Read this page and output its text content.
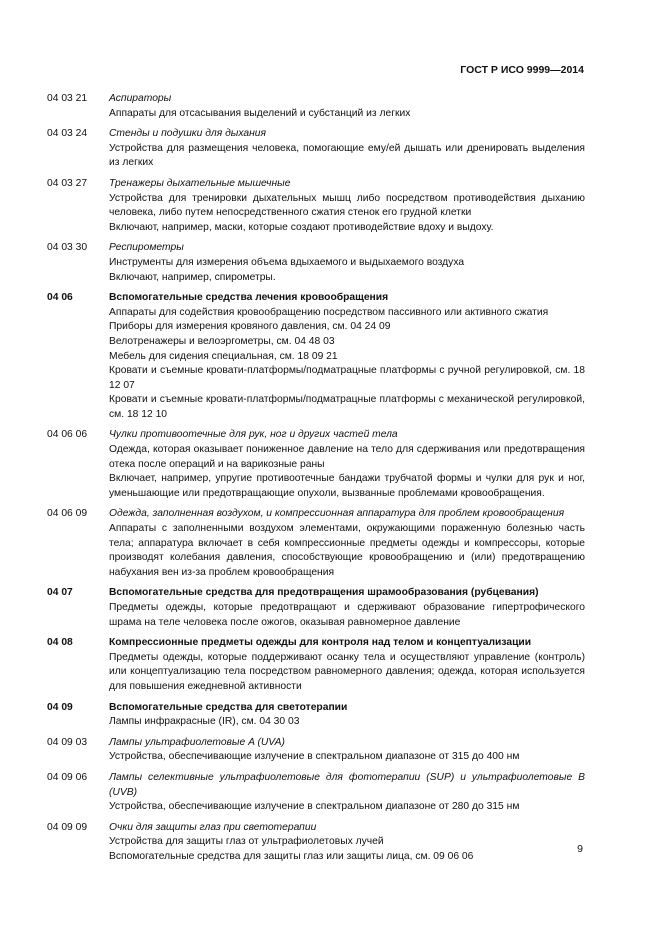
ГОСТ Р ИСО 9999—2014
04 03 21	Аспираторы
Аппараты для отсасывания выделений и субстанций из легких
04 03 24	Стенды и подушки для дыхания
Устройства для размещения человека, помогающие ему/ей дышать или дренировать выделения из легких
04 03 27	Тренажеры дыхательные мышечные
Устройства для тренировки дыхательных мышц либо посредством противодействия дыханию человека, либо путем непосредственного сжатия стенок его грудной клетки
Включают, например, маски, которые создают противодействие вдоху и выдоху.
04 03 30	Респирометры
Инструменты для измерения объема вдыхаемого и выдыхаемого воздуха
Включают, например, спирометры.
04 06	Вспомогательные средства лечения кровообращения
Аппараты для содействия кровообращению посредством пассивного или активного сжатия
Приборы для измерения кровяного давления, см. 04 24 09
Велотренажеры и велоэргометры, см. 04 48 03
Мебель для сидения специальная, см. 18 09 21
Кровати и съемные кровати-платформы/подматрацные платформы с ручной регулировкой, см. 18 12 07
Кровати и съемные кровати-платформы/подматрацные платформы с механической регулировкой, см. 18 12 10
04 06 06	Чулки противоотечные для рук, ног и других частей тела
Одежда, которая оказывает пониженное давление на тело для сдерживания или предотвращения отека после операций и на варикозные раны
Включает, например, упругие противоотечные бандажи трубчатой формы и чулки для рук и ног, уменьшающие или предотвращающие опухоли, вызванные проблемами кровообращения.
04 06 09	Одежда, заполненная воздухом, и компрессионная аппаратура для проблем кровообращения
Аппараты с заполненными воздухом элементами, окружающими пораженную болезнью часть тела; аппаратура включает в себя компрессионные предметы одежды и компрессоры, которые производят колебания давления, способствующие кровообращению и (или) предотвращению набухания вен из-за проблем кровообращения
04 07	Вспомогательные средства для предотвращения шрамообразования (рубцевания)
Предметы одежды, которые предотвращают и сдерживают образование гипертрофического шрама на теле человека после ожогов, оказывая равномерное давление
04 08	Компрессионные предметы одежды для контроля над телом и концептуализации
Предметы одежды, которые поддерживают осанку тела и осуществляют управление (контроль) или концептуализацию тела посредством равномерного давления; одежда, которая используется для повышения ежедневной активности
04 09	Вспомогательные средства для светотерапии
Лампы инфракрасные (IR), см. 04 30 03
04 09 03	Лампы ультрафиолетовые A (UVA)
Устройства, обеспечивающие излучение в спектральном диапазоне от 315 до 400 нм
04 09 06	Лампы селективные ультрафиолетовые для фототерапии (SUP) и ультрафиолетовые B (UVB)
Устройства, обеспечивающие излучение в спектральном диапазоне от 280 до 315 нм
04 09 09	Очки для защиты глаз при светотерапии
Устройства для защиты глаз от ультрафиолетовых лучей
Вспомогательные средства для защиты глаз или защиты лица, см. 09 06 06
9
